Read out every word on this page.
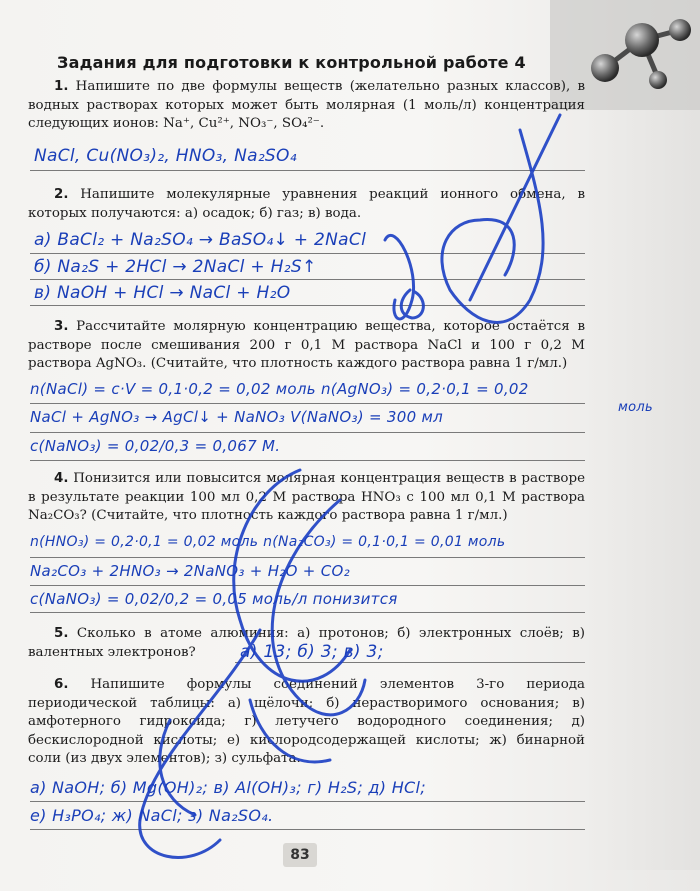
Задания для подготовки к контрольной работе 4
1. Напишите по две формулы веществ (желательно разных классов), в водных растворах которых может быть молярная (1 моль/л) концентрация следующих ионов: Na⁺, Cu²⁺, NO₃⁻, SO₄²⁻.
NaCl, Cu(NO₃)₂, HNO₃, Na₂SO₄
2. Напишите молекулярные уравнения реакций ионного обмена, в которых получаются: а) осадок; б) газ; в) вода.
а) BaCl₂ + Na₂SO₄ → BaSO₄↓ + 2NaCl
б) Na₂S + 2HCl → 2NaCl + H₂S↑
в) NaOH + HCl → NaCl + H₂O
3. Рассчитайте молярную концентрацию вещества, которое остаётся в растворе после смешивания 200 г 0,1 М раствора NaCl и 100 г 0,2 М раствора AgNO₃. (Считайте, что плотность каждого раствора равна 1 г/мл.)
n(NaCl) = c·V = 0,1·0,2 = 0,02 моль n(AgNO₃) = 0,2·0,1 = 0,02
моль
NaCl + AgNO₃ → AgCl↓ + NaNO₃ V(NaNO₃) = 300 мл
c(NaNO₃) = 0,02/0,3 = 0,067 М.
4. Понизится или повысится молярная концентрация веществ в растворе в результате реакции 100 мл 0,2 М раствора HNO₃ с 100 мл 0,1 М раствора Na₂CO₃? (Считайте, что плотность каждого раствора равна 1 г/мл.)
n(HNO₃) = 0,2·0,1 = 0,02 моль n(Na₂CO₃) = 0,1·0,1 = 0,01 моль
Na₂CO₃ + 2HNO₃ → 2NaNO₃ + H₂O + CO₂
c(NaNO₃) = 0,02/0,2 = 0,05 моль/л понизится
5. Сколько в атоме алюминия: а) протонов; б) электронных слоёв; в) валентных электронов?	а) 13; б) 3; в) 3;
6. Напишите формулы соединений элементов 3-го периода периодической таблицы: а) щёлочи; б) нерастворимого основания; в) амфотерного гидроксида; г) летучего водородного соединения; д) бескислородной кислоты; е) кислородсодержащей кислоты; ж) бинарной соли (из двух элементов); з) сульфата.
а) NaOH; б) Mg(OH)₂; в) Al(OH)₃; г) H₂S; д) HCl;
е) H₃PO₄; ж) NaCl; з) Na₂SO₄.
83
